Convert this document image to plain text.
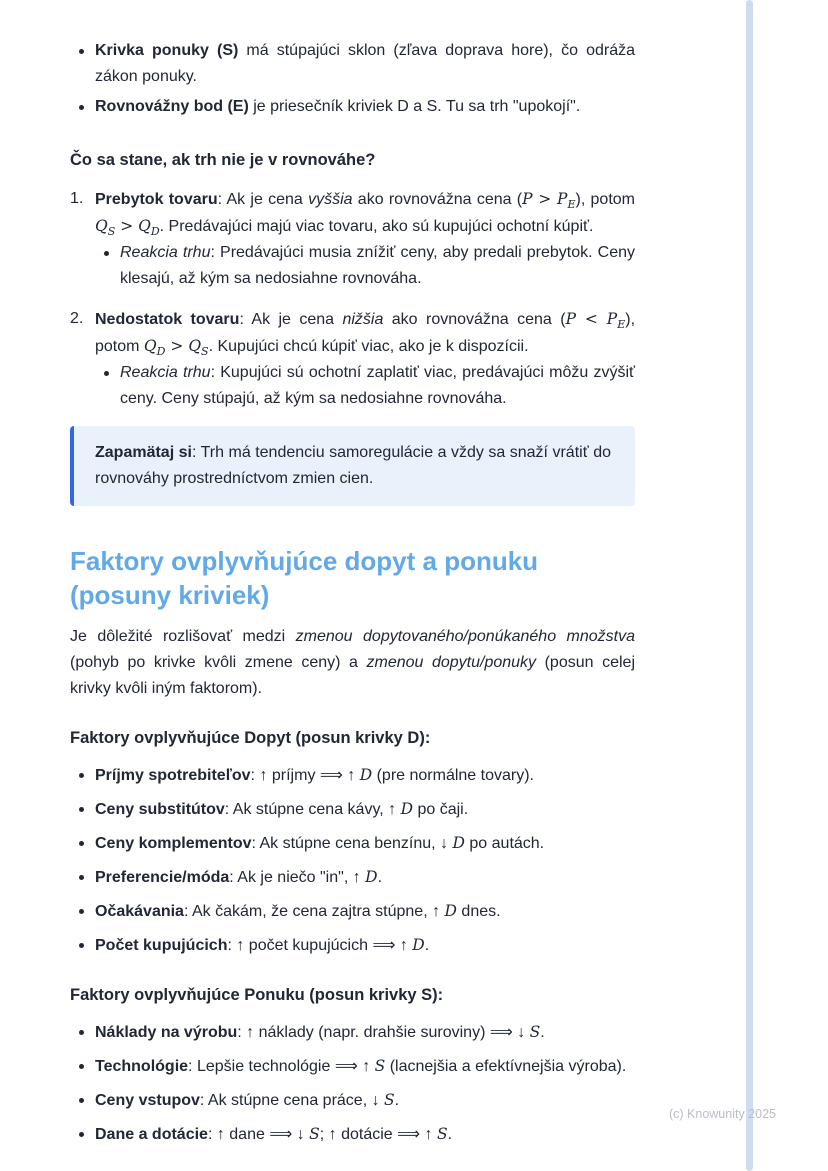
Krivka ponuky (S) má stúpajúci sklon (zľava doprava hore), čo odráža zákon ponuky.

Rovnovážny bod (E) je priesečník kriviek D a S. Tu sa trh "upokojí".

Čo sa stane, ak trh nie je v rovnováhe?
1. Prebytok tovaru: Ak je cena vyššia ako rovnovážna cena $(P > P_E)$, potom $Q_S > Q_D$. Predávajúci majú viac tovaru, ako sú kupujúci ochotní kúpiť.

Reakcia trhu: Predávajúci musia znížiť ceny, aby predali prebytok. Ceny klesajú, až kým sa nedosiahne rovnováha.

2. Nedostatok tovaru: Ak je cena nižšia ako rovnovážna cena $(P < P_E)$, potom $Q_D > Q_S$. Kupujúci chcú kúpiť viac, ako je k dispozícii.

Reakcia trhu: Kupujúci sú ochotní zaplatiť viac, predávajúci môžu zvýšiť ceny. Ceny stúpajú, až kým sa nedosiahne rovnováha.

Zapamätaj si: Trh má tendenciu samoregulácie a vždy sa snaží vrátiť do rovnováhy prostredníctvom zmien cien.

Faktory ovplyvňujúce dopyt a ponuku (posuny kriviek)

Je dôležité rozlišovať medzi zmenou dopytovaného/ponúkaného množstva (pohyb po krivke kvôli zmene ceny) a zmenou dopytu/ponuky (posun celej krivky kvôli iným faktorom).

Faktory ovplyvňujúce Dopyt (posun krivky D):

Príjmy spotrebiteľov: ↑ príjmy ⟹ ↑ D (pre normálne tovary).

Ceny substitútov: Ak stúpne cena kávy, ↑ D po čaji.

Ceny komplementov: Ak stúpne cena benzínu, ↓ D po autách.

Preferencie/móda: Ak je niečo "in", ↑ D.

Očakávania: Ak čakám, že cena zajtra stúpne, ↑ D dnes.

Počet kupujúcich: ↑ počet kupujúcich ⟹ ↑ D.

Faktory ovplyvňujúce Ponuku (posun krivky S):

Náklady na výrobu: ↑ náklady (napr. drahšie suroviny) ⟹ ↓ S.

Technológie: Lepšie technológie ⟹ ↑ S (lacnejšia a efektívnejšia výroba).

Ceny vstupov: Ak stúpne cena práce, ↓ S.

Dane a dotácie: ↑ dane ⟹ ↓ S; ↑ dotácie ⟹ ↑ S.

(c) Knowunity 2025
